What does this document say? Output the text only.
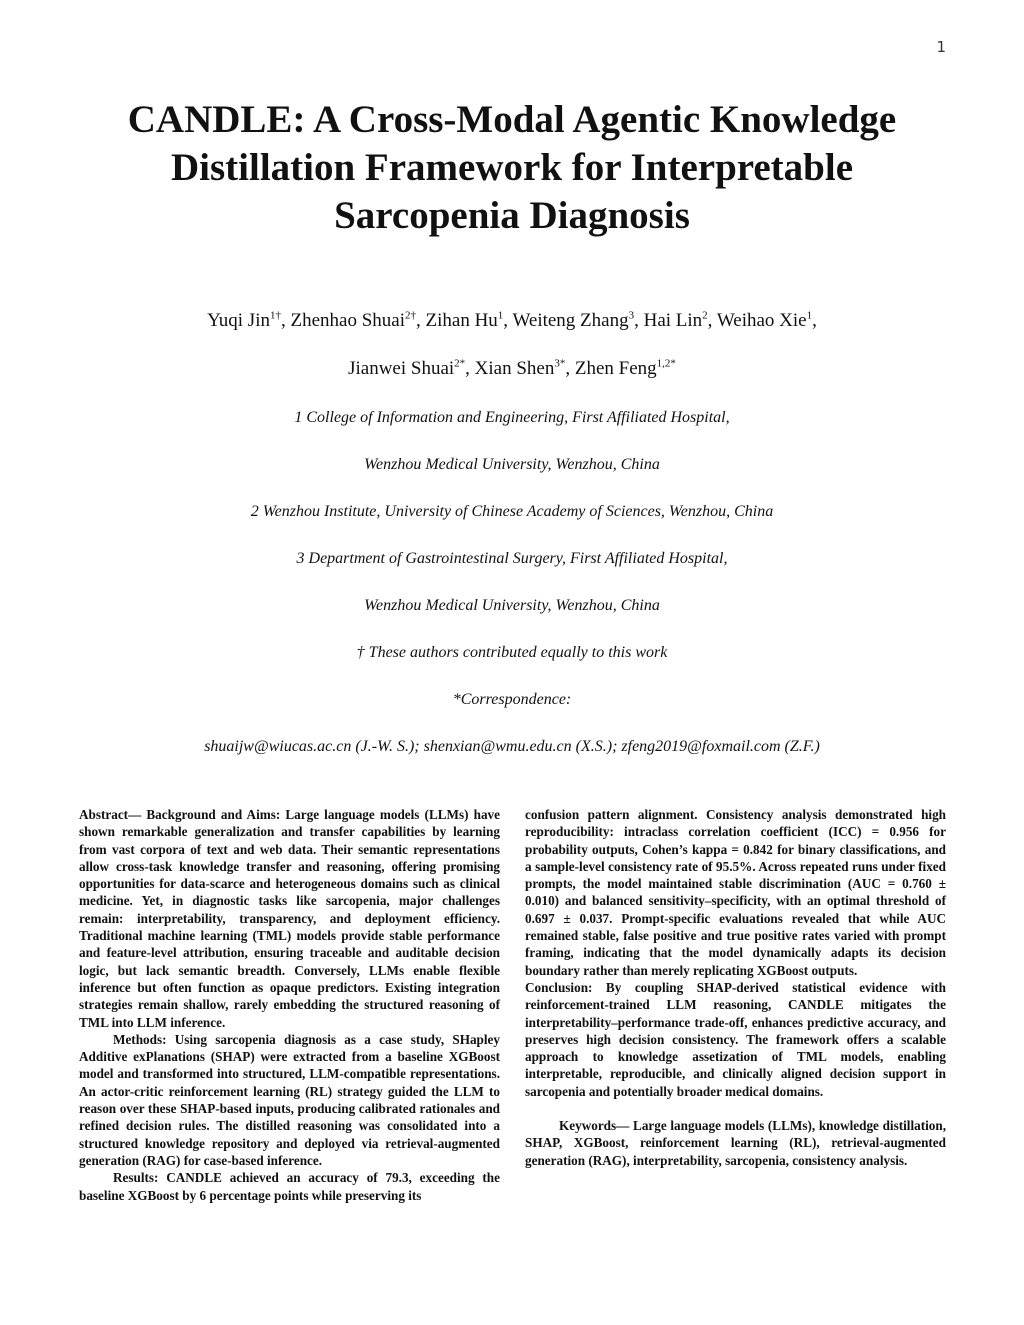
1
CANDLE: A Cross-Modal Agentic Knowledge
Distillation Framework for Interpretable
Sarcopenia Diagnosis

Yuqi Jin$^{1\dagger}$, Zhenhao Shuai$^{2\dagger}$, Zihan Hu$^1$, Weiteng Zhang$^3$, Hai Lin$^2$, Weihao Xie$^1$,

Jianwei Shuai$^{2*}$, Xian Shen$^{3*}$, Zhen Feng$^{1,2*}$

1 College of Information and Engineering, First Affiliated Hospital,

Wenzhou Medical University, Wenzhou, China

2 Wenzhou Institute, University of Chinese Academy of Sciences, Wenzhou, China

3 Department of Gastrointestinal Surgery, First Affiliated Hospital,

Wenzhou Medical University, Wenzhou, China

† These authors contributed equally to this work

*Correspondence:

shuaijw@wiucas.ac.cn (J.-W. S.); shenxian@wmu.edu.cn (X.S.); zfeng2019@foxmail.com (Z.F.)

Abstract— Background and Aims: Large language models (LLMs) have shown remarkable generalization and transfer capabilities by learning from vast corpora of text and web data. Their semantic representations allow cross-task knowledge transfer and reasoning, offering promising opportunities for data-scarce and heterogeneous domains such as clinical medicine. Yet, in diagnostic tasks like sarcopenia, major challenges remain: interpretability, transparency, and deployment efficiency. Traditional machine learning (TML) models provide stable performance and feature-level attribution, ensuring traceable and auditable decision logic, but lack semantic breadth. Conversely, LLMs enable flexible inference but often function as opaque predictors. Existing integration strategies remain shallow, rarely embedding the structured reasoning of TML into LLM inference.

Methods: Using sarcopenia diagnosis as a case study, SHapley Additive exPlanations (SHAP) were extracted from a baseline XGBoost model and transformed into structured, LLM-compatible representations. An actor-critic reinforcement learning (RL) strategy guided the LLM to reason over these SHAP-based inputs, producing calibrated rationales and refined decision rules. The distilled reasoning was consolidated into a structured knowledge repository and deployed via retrieval-augmented generation (RAG) for case-based inference.

Results: CANDLE achieved an accuracy of 79.3, exceeding the baseline XGBoost by 6 percentage points while preserving its

confusion pattern alignment. Consistency analysis demonstrated high reproducibility: intraclass correlation coefficient (ICC) = 0.956 for probability outputs, Cohen’s kappa = 0.842 for binary classifications, and a sample-level consistency rate of 95.5%. Across repeated runs under fixed prompts, the model maintained stable discrimination (AUC = 0.760 ± 0.010) and balanced sensitivity–specificity, with an optimal threshold of 0.697 ± 0.037. Prompt-specific evaluations revealed that while AUC remained stable, false positive and true positive rates varied with prompt framing, indicating that the model dynamically adapts its decision boundary rather than merely replicating XGBoost outputs.

Conclusion: By coupling SHAP-derived statistical evidence with reinforcement-trained LLM reasoning, CANDLE mitigates the interpretability–performance trade-off, enhances predictive accuracy, and preserves high decision consistency. The framework offers a scalable approach to knowledge assetization of TML models, enabling interpretable, reproducible, and clinically aligned decision support in sarcopenia and potentially broader medical domains.

Keywords— Large language models (LLMs), knowledge distillation, SHAP, XGBoost, reinforcement learning (RL), retrieval-augmented generation (RAG), interpretability, sarcopenia, consistency analysis.
